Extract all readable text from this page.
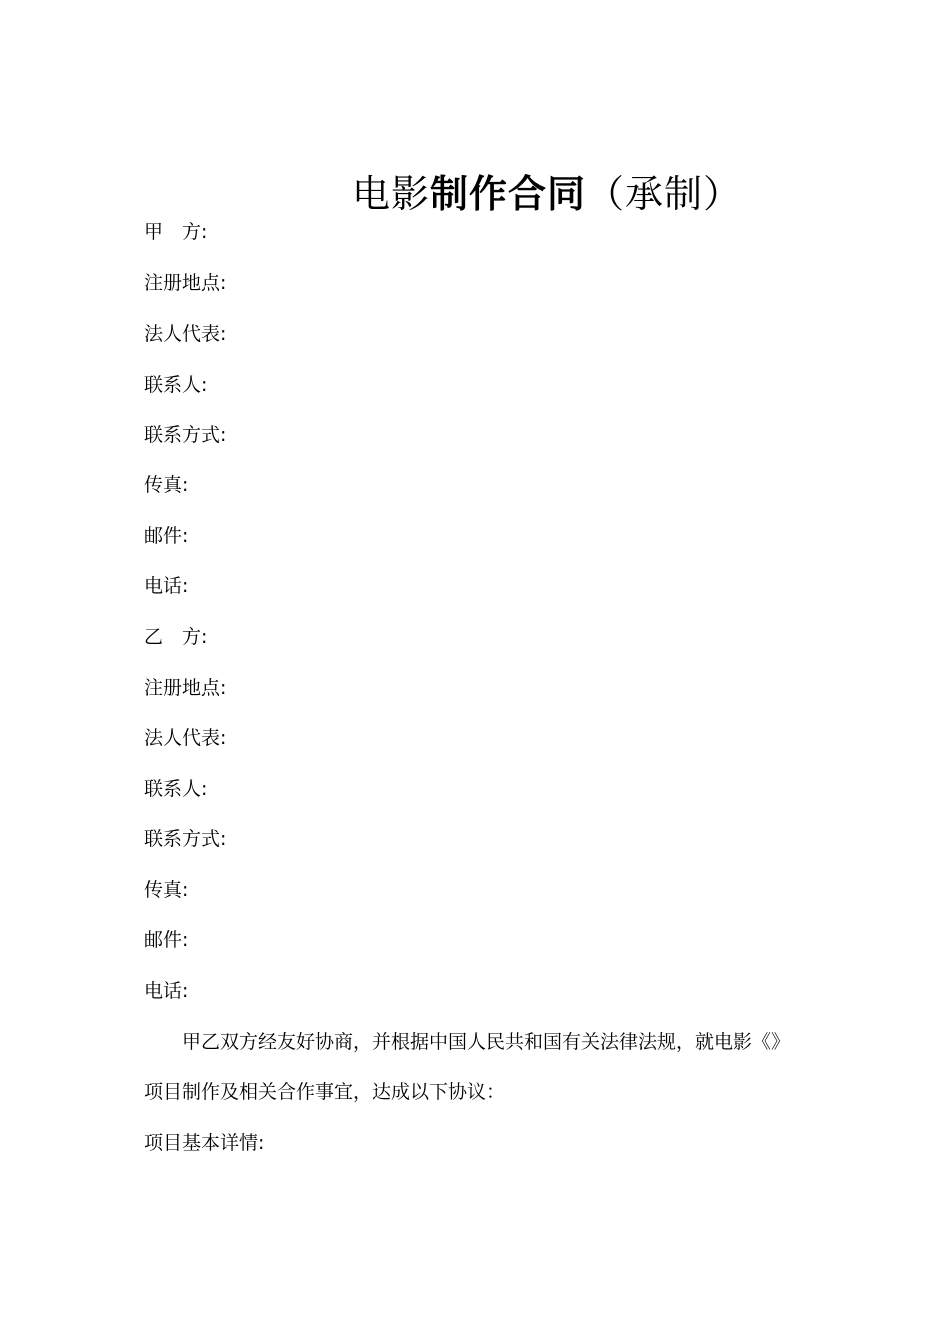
电影制作合同（承制）
甲　方:
注册地点:
法人代表:
联系人:
联系方式:
传真:
邮件:
电话:
乙　方:
注册地点:
法人代表:
联系人:
联系方式:
传真:
邮件:
电话:
甲乙双方经友好协商，并根据中国人民共和国有关法律法规，就电影《》
项目制作及相关合作事宜，达成以下协议：
项目基本详情:
